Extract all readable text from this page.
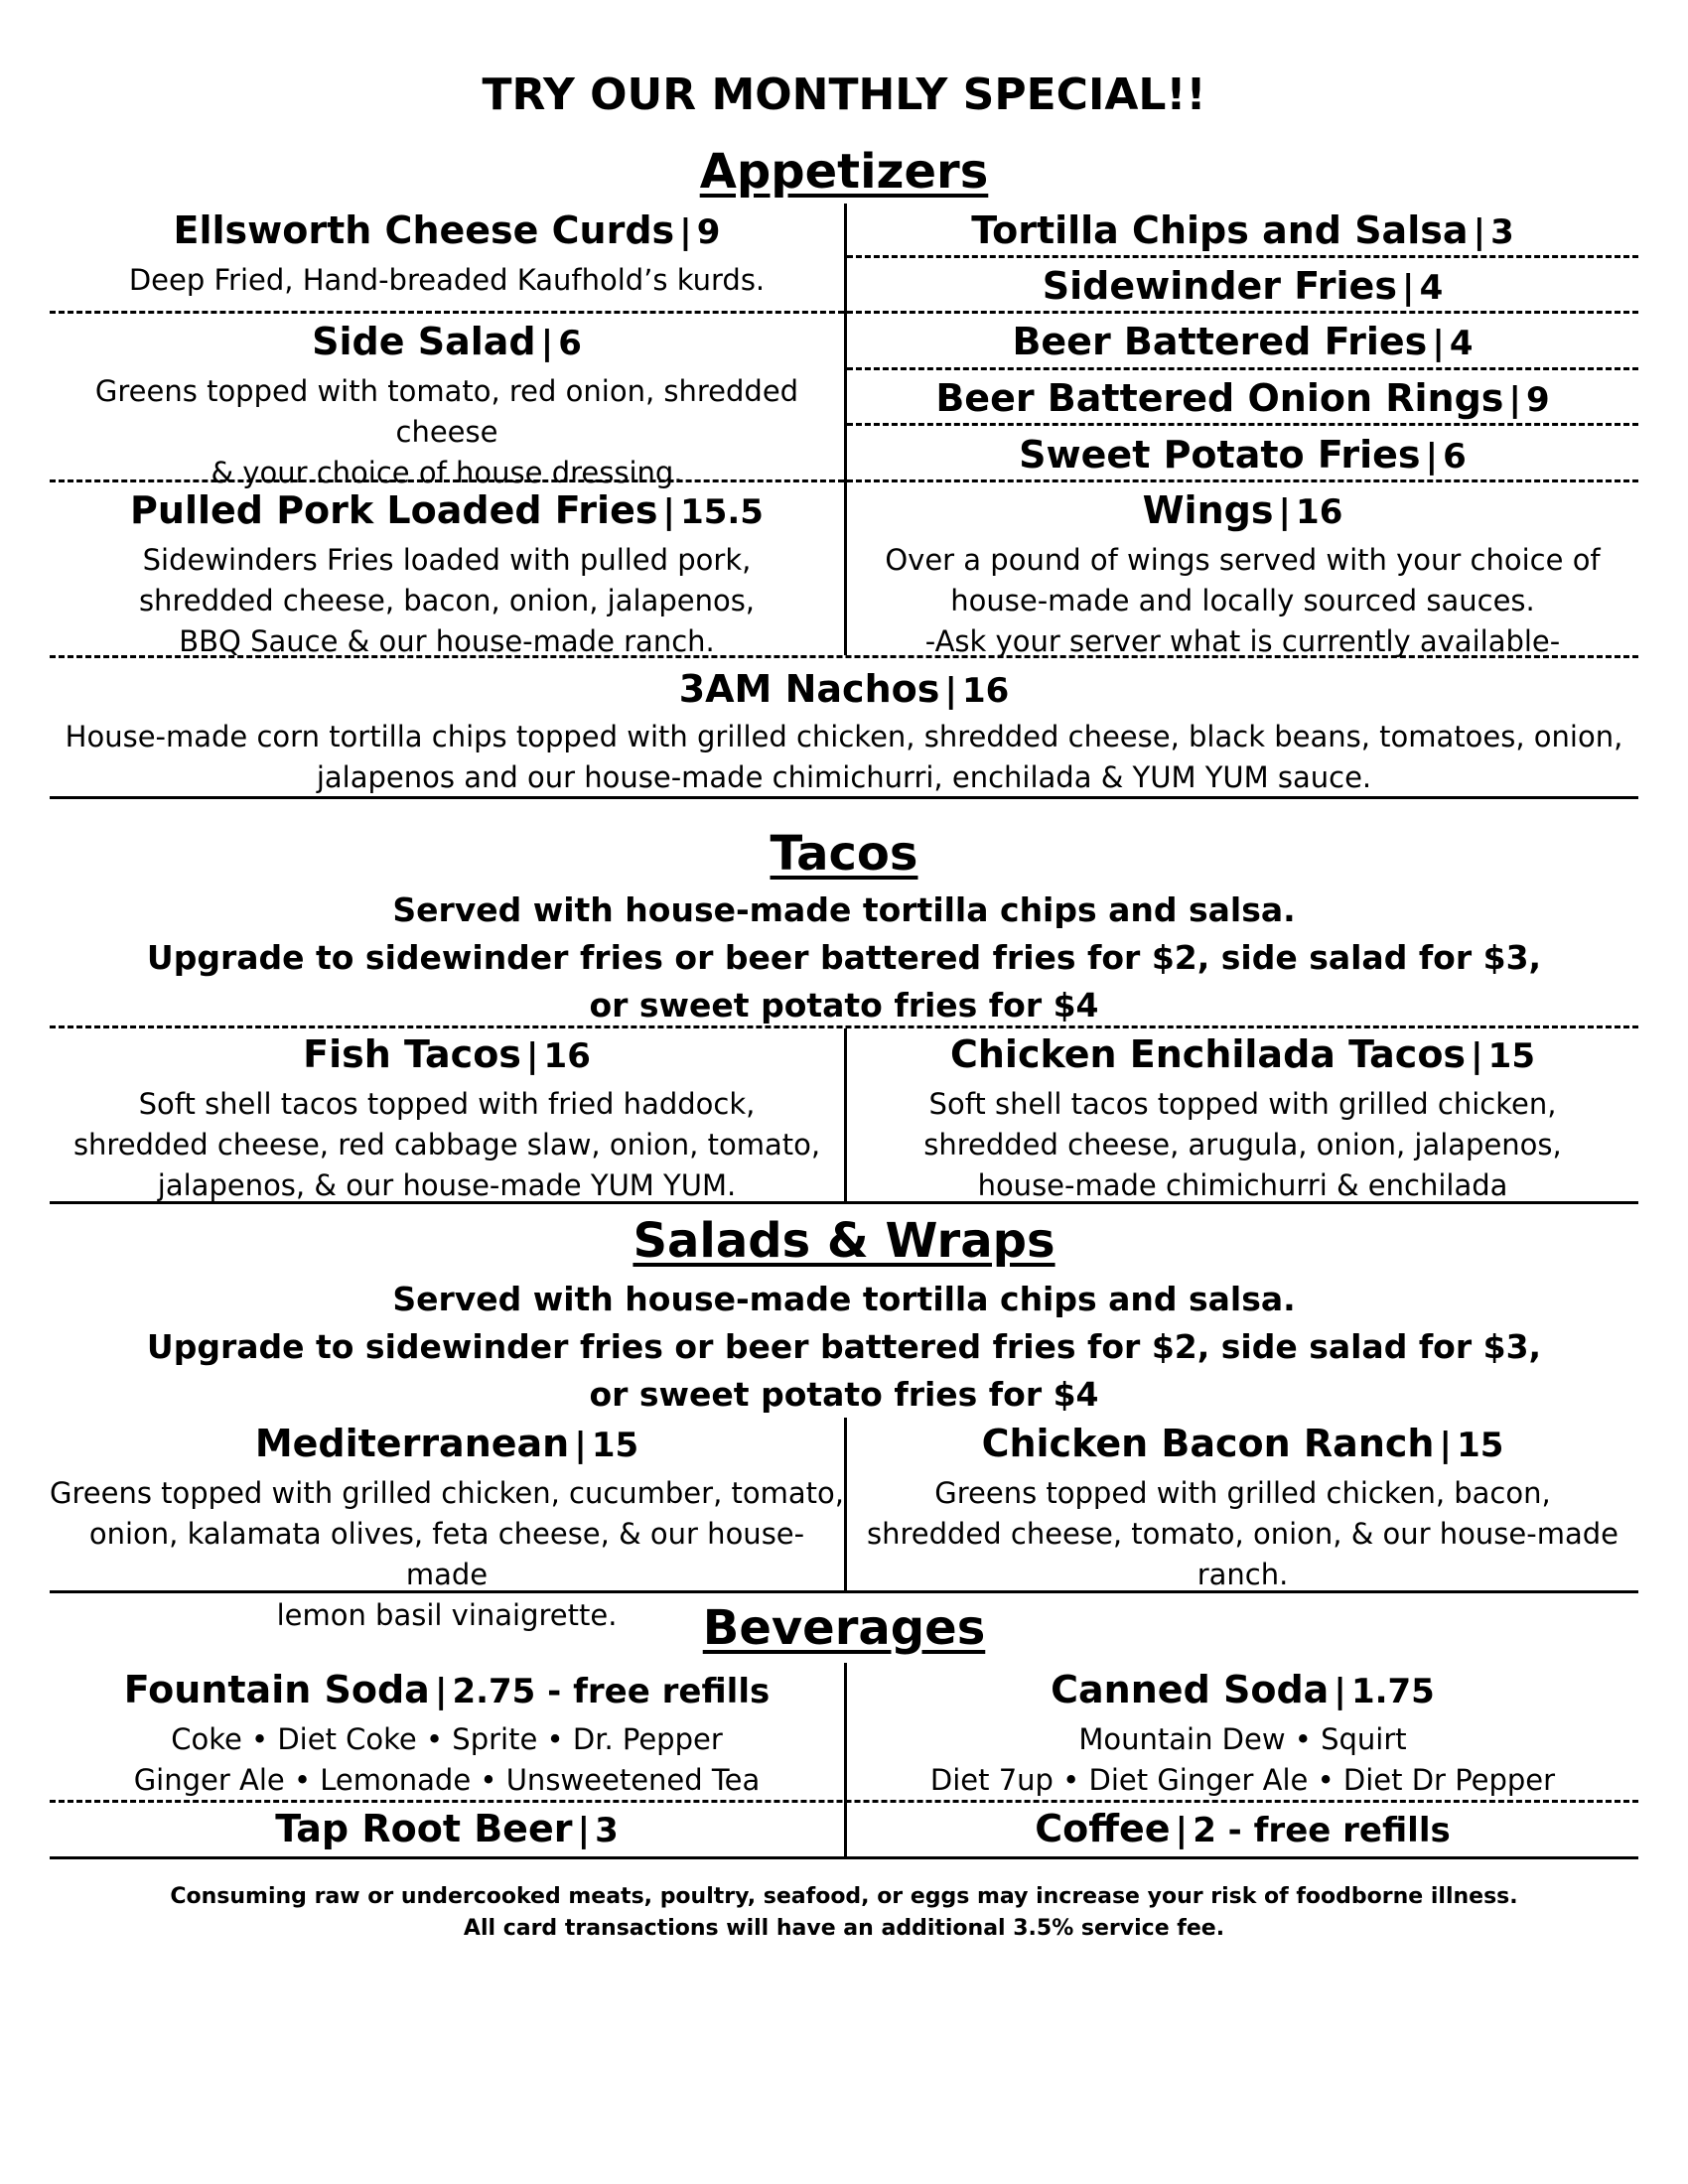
TRY OUR MONTHLY SPECIAL!!
Appetizers
Ellsworth Cheese Curds | 9
Deep Fried, Hand-breaded Kaufhold’s kurds.
Side Salad | 6
Greens topped with tomato, red onion, shredded cheese
& your choice of house dressing.
Pulled Pork Loaded Fries | 15.5
Sidewinders Fries loaded with pulled pork,
shredded cheese, bacon, onion, jalapenos,
BBQ Sauce & our house-made ranch.
Tortilla Chips and Salsa | 3
Sidewinder Fries | 4
Beer Battered Fries | 4
Beer Battered Onion Rings | 9
Sweet Potato Fries | 6
Wings | 16
Over a pound of wings served with your choice of
house-made and locally sourced sauces.
-Ask your server what is currently available-
3AM Nachos | 16
House-made corn tortilla chips topped with grilled chicken, shredded cheese, black beans, tomatoes, onion,
jalapenos and our house-made chimichurri, enchilada & YUM YUM sauce.
Tacos
Served with house-made tortilla chips and salsa.
Upgrade to sidewinder fries or beer battered fries for $2, side salad for $3,
or sweet potato fries for $4
Fish Tacos | 16
Soft shell tacos topped with fried haddock,
shredded cheese, red cabbage slaw, onion, tomato,
jalapenos, & our house-made YUM YUM.
Chicken Enchilada Tacos | 15
Soft shell tacos topped with grilled chicken,
shredded cheese, arugula, onion, jalapenos,
house-made chimichurri & enchilada
Salads & Wraps
Served with house-made tortilla chips and salsa.
Upgrade to sidewinder fries or beer battered fries for $2, side salad for $3,
or sweet potato fries for $4
Mediterranean | 15
Greens topped with grilled chicken, cucumber, tomato,
onion, kalamata olives, feta cheese, & our house-made
lemon basil vinaigrette.
Chicken Bacon Ranch | 15
Greens topped with grilled chicken, bacon,
shredded cheese, tomato, onion, & our house-made
ranch.
Beverages
Fountain Soda | 2.75 - free refills
Coke • Diet Coke • Sprite • Dr. Pepper
Ginger Ale • Lemonade • Unsweetened Tea
Canned Soda | 1.75
Mountain Dew • Squirt
Diet 7up • Diet Ginger Ale • Diet Dr Pepper
Tap Root Beer | 3	Coffee | 2 - free refills
Consuming raw or undercooked meats, poultry, seafood, or eggs may increase your risk of foodborne illness.
All card transactions will have an additional 3.5% service fee.
